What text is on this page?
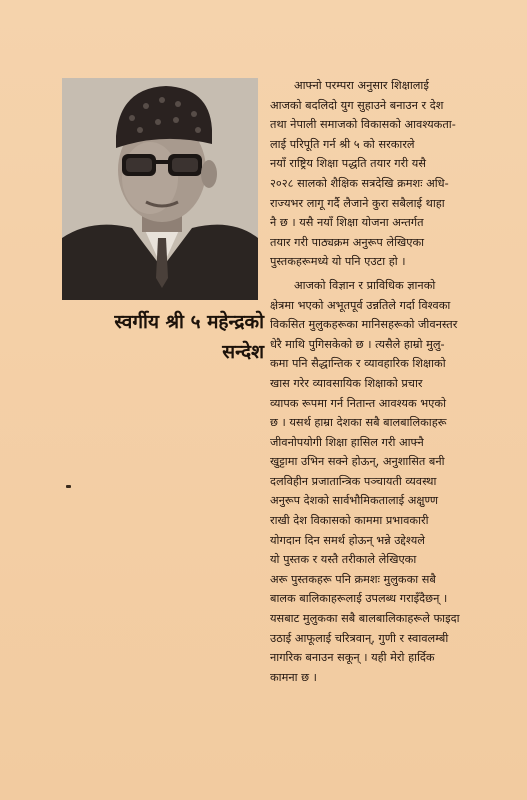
स्वर्गीय श्री ५ महेन्द्रको
सन्देश

आफ्नो परम्परा अनुसार शिक्षालाई
आजको बदलिदो युग सुहाउने बनाउन र देश
तथा नेपाली समाजको विकासको आवश्यकता-
लाई परिपूति गर्न श्री ५ को सरकारले
नयाँ राष्ट्रिय शिक्षा पद्धति तयार गरी यसै
२०२८ सालको शैक्षिक सत्रदेखि क्रमशः अधि-
राज्यभर लागू गर्दै लैजाने कुरा सबैलाई थाहा
नै छ । यसै नयाँ शिक्षा योजना अन्तर्गत
तयार गरी पाठ्यक्रम अनुरूप लेखिएका
पुस्तकहरूमध्ये यो पनि एउटा हो ।

आजको विज्ञान र प्राविधिक ज्ञानको
क्षेत्रमा भएको अभूतपूर्व उन्नतिले गर्दा विश्वका
विकसित मुलुकहरूका मानिसहरूको जीवनस्तर
धेरै माथि पुगिसकेको छ । त्यसैले हाम्रो मुलु-
कमा पनि सैद्धान्तिक र व्यावहारिक शिक्षाको
खास गरेर व्यावसायिक शिक्षाको प्रचार
व्यापक रूपमा गर्न नितान्त आवश्यक भएको
छ । यसर्थ हाम्रा देशका सबै बालबालिकाहरू
जीवनोपयोगी शिक्षा हासिल गरी आफ्नै
खुट्टामा उभिन सक्ने होऊन्, अनुशासित बनी
दलविहीन प्रजातान्त्रिक पञ्चायती व्यवस्था
अनुरूप देशको सार्वभौमिकतालाई अक्षुण्ण
राखी देश विकासको काममा प्रभावकारी
योगदान दिन समर्थ होऊन् भन्ने उद्देश्यले
यो पुस्तक र यस्तै तरीकाले लेखिएका
अरू पुस्तकहरू पनि क्रमशः मुलुकका सबै
बालक बालिकाहरूलाई उपलब्ध गराइँदैछन् ।
यसबाट मुलुकका सबै बालबालिकाहरूले फाइदा
उठाई आफूलाई चरित्रवान्, गुणी र स्वावलम्बी
नागरिक बनाउन सकून् । यही मेरो हार्दिक
कामना छ ।
